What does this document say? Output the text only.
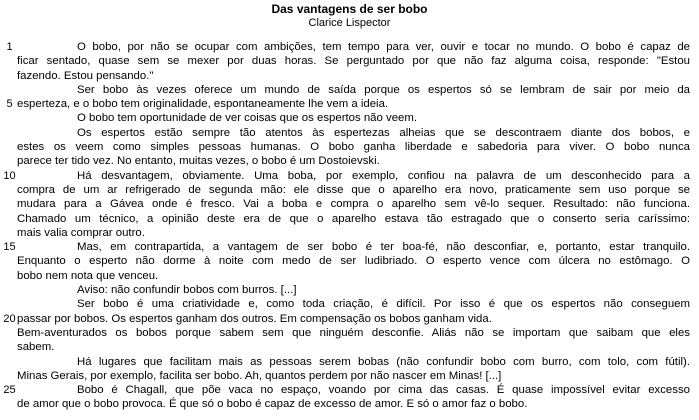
Das vantagens de ser bobo
Clarice Lispector
1	O bobo, por não se ocupar com ambições, tem tempo para ver, ouvir e tocar no mundo. O bobo é capaz de
ficar sentado, quase sem se mexer por duas horas. Se perguntado por que não faz alguma coisa, responde: "Estou
fazendo. Estou pensando."
Ser bobo às vezes oferece um mundo de saída porque os espertos só se lembram de sair por meio da
5 esperteza, e o bobo tem originalidade, espontaneamente lhe vem a ideia.
O bobo tem oportunidade de ver coisas que os espertos não veem.
Os espertos estão sempre tão atentos às espertezas alheias que se descontraem diante dos bobos, e
estes os veem como simples pessoas humanas. O bobo ganha liberdade e sabedoria para viver. O bobo nunca
parece ter tido vez. No entanto, muitas vezes, o bobo é um Dostoievski.
10	Há desvantagem, obviamente. Uma boba, por exemplo, confiou na palavra de um desconhecido para a
compra de um ar refrigerado de segunda mão: ele disse que o aparelho era novo, praticamente sem uso porque se
mudara para a Gávea onde é fresco. Vai a boba e compra o aparelho sem vê-lo sequer. Resultado: não funciona.
Chamado um técnico, a opinião deste era de que o aparelho estava tão estragado que o conserto seria caríssimo:
mais valia comprar outro.
15	Mas, em contrapartida, a vantagem de ser bobo é ter boa-fé, não desconfiar, e, portanto, estar tranquilo.
Enquanto o esperto não dorme à noite com medo de ser ludibriado. O esperto vence com úlcera no estômago. O
bobo nem nota que venceu.
Aviso: não confundir bobos com burros. [...]
Ser bobo é uma criatividade e, como toda criação, é difícil. Por isso é que os espertos não conseguem
20 passar por bobos. Os espertos ganham dos outros. Em compensação os bobos ganham vida.
Bem-aventurados os bobos porque sabem sem que ninguém desconfie. Aliás não se importam que saibam que eles
sabem.
Há lugares que facilitam mais as pessoas serem bobas (não confundir bobo com burro, com tolo, com fútil).
Minas Gerais, por exemplo, facilita ser bobo. Ah, quantos perdem por não nascer em Minas! [...]
25	Bobo é Chagall, que põe vaca no espaço, voando por cima das casas. É quase impossível evitar excesso
de amor que o bobo provoca. É que só o bobo é capaz de excesso de amor. E só o amor faz o bobo.
